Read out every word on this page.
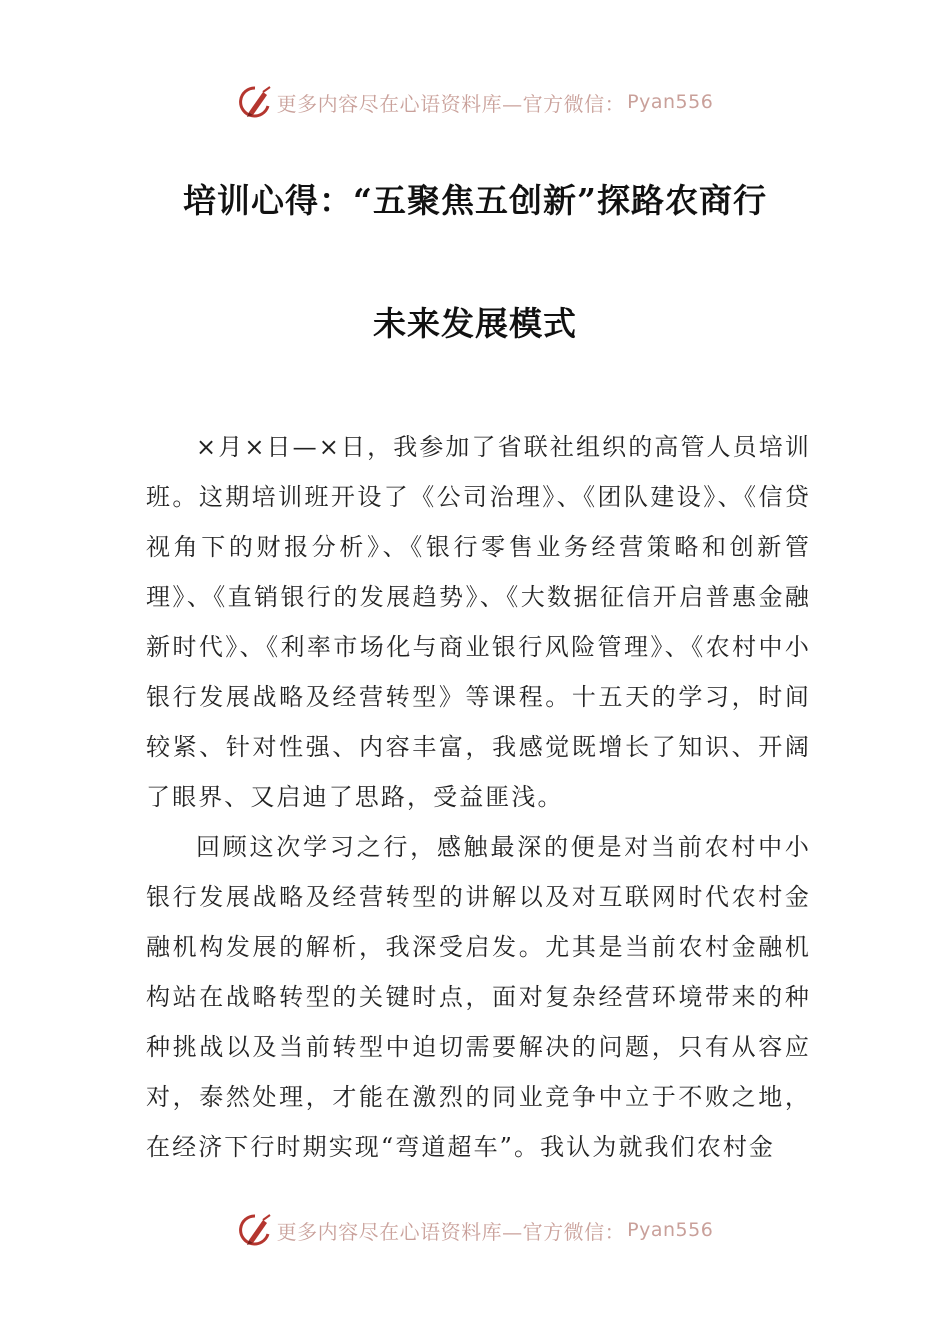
更多内容尽在心语资料库—官方微信： Pyan556
培训心得：“五聚焦五创新”探路农商行
未来发展模式

×月×日—×日，我参加了省联社组织的高管人员培训班。这期培训班开设了《公司治理》、《团队建设》、《信贷视角下的财报分析》、《银行零售业务经营策略和创新管理》、《直销银行的发展趋势》、《大数据征信开启普惠金融新时代》、《利率市场化与商业银行风险管理》、《农村中小银行发展战略及经营转型》等课程。十五天的学习，时间较紧、针对性强、内容丰富，我感觉既增长了知识、开阔了眼界、又启迪了思路，受益匪浅。

回顾这次学习之行，感触最深的便是对当前农村中小银行发展战略及经营转型的讲解以及对互联网时代农村金融机构发展的解析，我深受启发。尤其是当前农村金融机构站在战略转型的关键时点，面对复杂经营环境带来的种种挑战以及当前转型中迫切需要解决的问题，只有从容应对，泰然处理，才能在激烈的同业竞争中立于不败之地，在经济下行时期实现“弯道超车”。我认为就我们农村金

更多内容尽在心语资料库—官方微信： Pyan556
